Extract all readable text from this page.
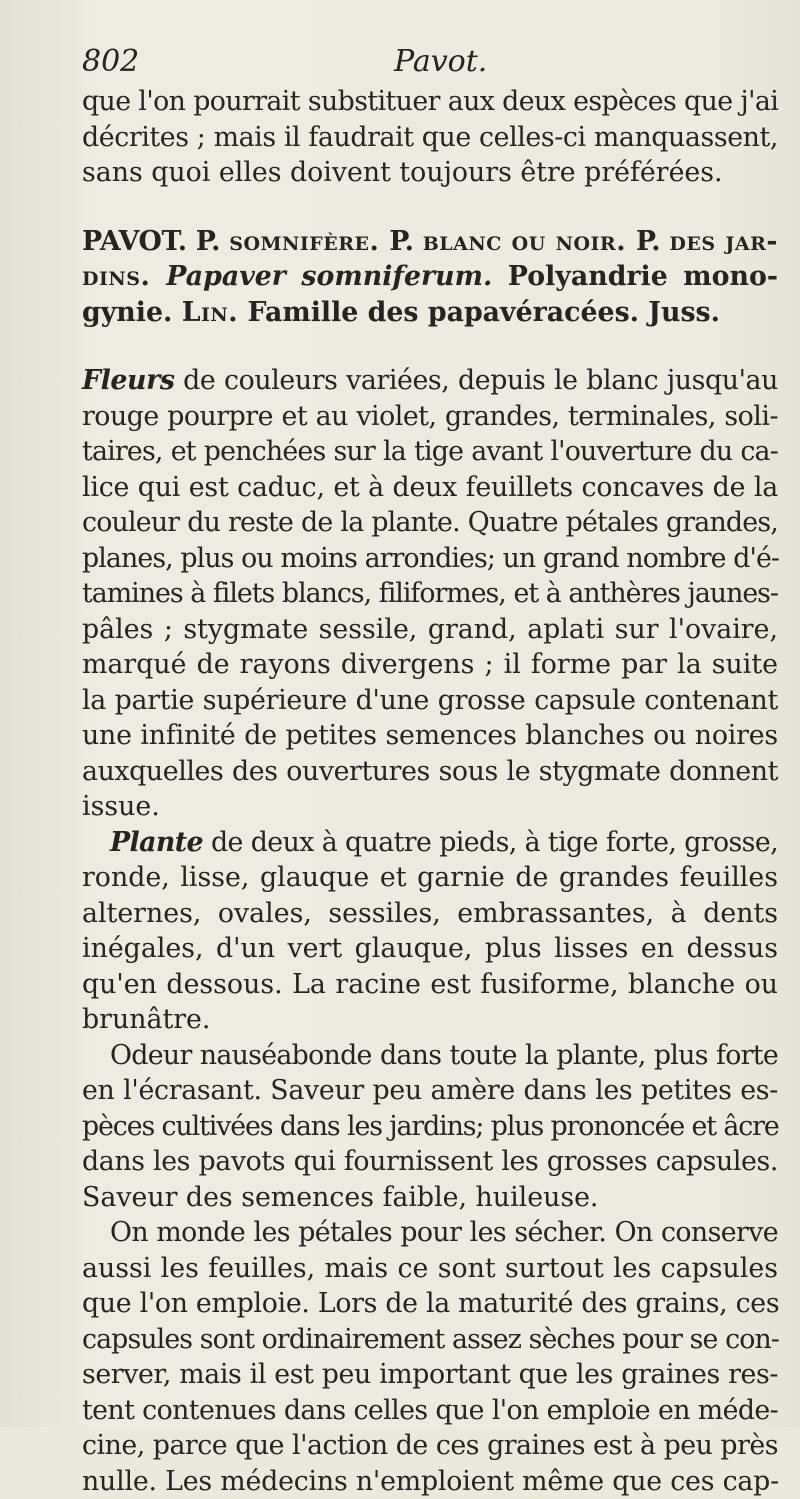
802	Pavot.
que l'on pourrait substituer aux deux espèces que j'ai
décrites ; mais il faudrait que celles-ci manquassent,
sans quoi elles doivent toujours être préférées.
PAVOT. P. somnifère. P. blanc ou noir. P. des jar-
dins. Papaver somniferum. Polyandrie mono-
gynie. Lin. Famille des papavéracées. Juss.
Fleurs de couleurs variées, depuis le blanc jusqu'au
rouge pourpre et au violet, grandes, terminales, soli-
taires, et penchées sur la tige avant l'ouverture du ca-
lice qui est caduc, et à deux feuillets concaves de la
couleur du reste de la plante. Quatre pétales grandes,
planes, plus ou moins arrondies; un grand nombre d'é-
tamines à filets blancs, filiformes, et à anthères jaunes-
pâles ; stygmate sessile, grand, aplati sur l'ovaire,
marqué de rayons divergens ; il forme par la suite
la partie supérieure d'une grosse capsule contenant
une infinité de petites semences blanches ou noires
auxquelles des ouvertures sous le stygmate donnent
issue.
Plante de deux à quatre pieds, à tige forte, grosse,
ronde, lisse, glauque et garnie de grandes feuilles
alternes, ovales, sessiles, embrassantes, à dents
inégales, d'un vert glauque, plus lisses en dessus
qu'en dessous. La racine est fusiforme, blanche ou
brunâtre.
Odeur nauséabonde dans toute la plante, plus forte
en l'écrasant. Saveur peu amère dans les petites es-
pèces cultivées dans les jardins; plus prononcée et âcre
dans les pavots qui fournissent les grosses capsules.
Saveur des semences faible, huileuse.
On monde les pétales pour les sécher. On conserve
aussi les feuilles, mais ce sont surtout les capsules
que l'on emploie. Lors de la maturité des grains, ces
capsules sont ordinairement assez sèches pour se con-
server, mais il est peu important que les graines res-
tent contenues dans celles que l'on emploie en méde-
cine, parce que l'action de ces graines est à peu près
nulle. Les médecins n'emploient même que ces cap-
